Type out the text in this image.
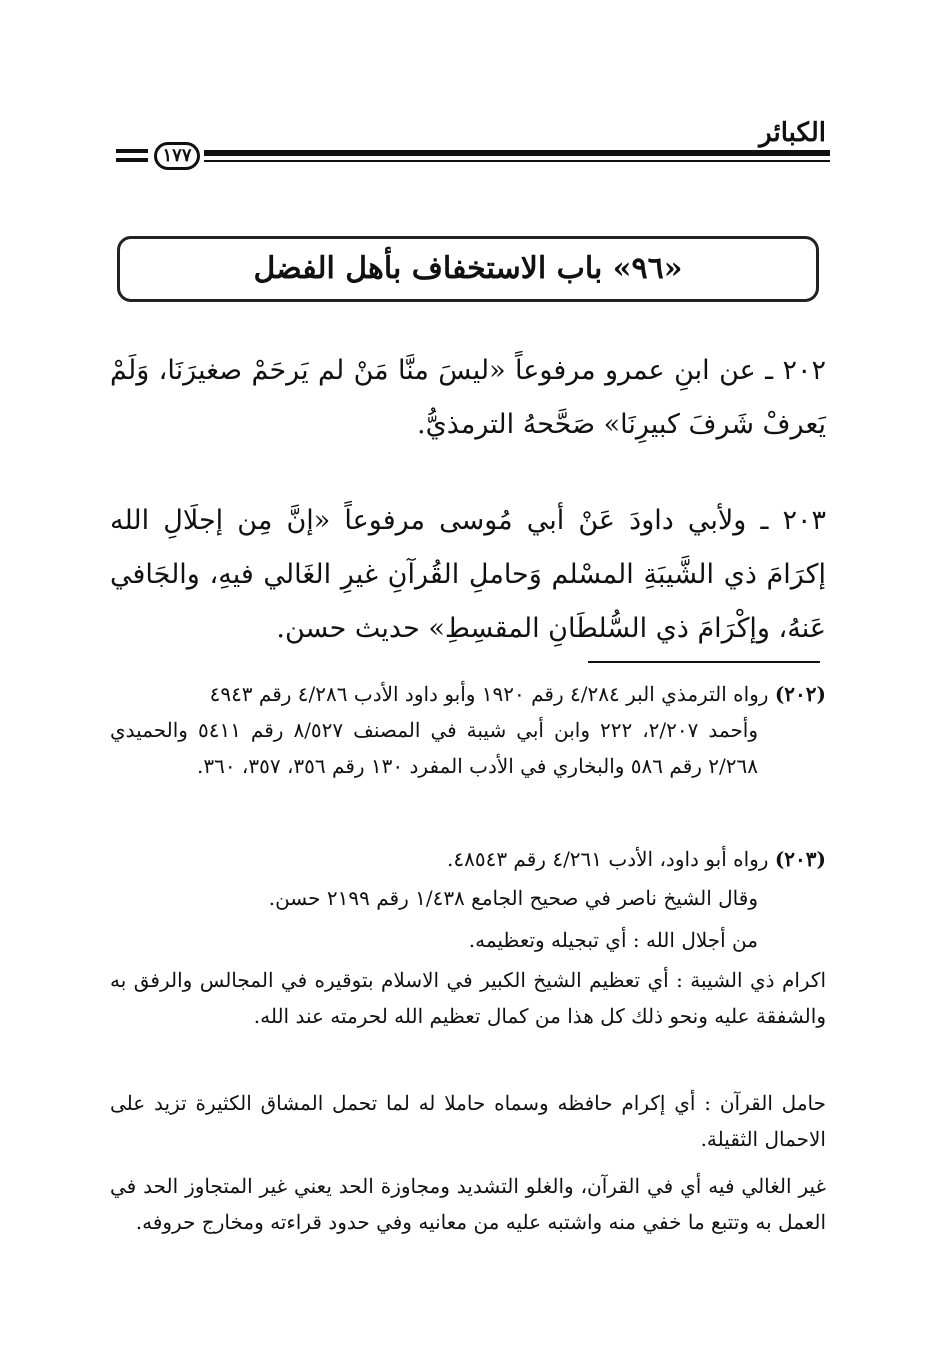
الكبائر
١٧٧
«٩٦» باب الاستخفاف بأهل الفضل
٢٠٢ ـ عن ابنِ عمرو مرفوعاً «ليسَ منَّا مَنْ لم يَرحَمْ صغيرَنَا، وَلَمْ يَعرفْ شَرفَ كبيرِنَا» صَحَّحهُ الترمذيُّ.
٢٠٣ ـ ولأبي داودَ عَنْ أبي مُوسى مرفوعاً «إنَّ مِن إجلَالِ الله إكرَامَ ذي الشَّيبَةِ المسْلم وَحاملِ القُرآنِ غيرِ الغَالي فيهِ، والجَافي عَنهُ، وإكْرَامَ ذي السُّلطَانِ المقسِطِ» حديث حسن.
(٢٠٢) رواه الترمذي البر ٤/٢٨٤ رقم ١٩٢٠ وأبو داود الأدب ٤/٢٨٦ رقم ٤٩٤٣
وأحمد ٢/٢٠٧، ٢٢٢ وابن أبي شيبة في المصنف ٨/٥٢٧ رقم ٥٤١١ والحميدي ٢/٢٦٨ رقم ٥٨٦ والبخاري في الأدب المفرد ١٣٠ رقم ٣٥٦، ٣٥٧، ٣٦٠.
(٢٠٣) رواه أبو داود، الأدب ٤/٢٦١ رقم ٤٨٥٤٣.
وقال الشيخ ناصر في صحيح الجامع ١/٤٣٨ رقم ٢١٩٩ حسن.
من أجلال الله : أي تبجيله وتعظيمه.
اكرام ذي الشيبة : أي تعظيم الشيخ الكبير في الاسلام بتوقيره في المجالس والرفق به والشفقة عليه ونحو ذلك كل هذا من كمال تعظيم الله لحرمته عند الله.
حامل القرآن : أي إكرام حافظه وسماه حاملا له لما تحمل المشاق الكثيرة تزيد على الاحمال الثقيلة.
غير الغالي فيه أي في القرآن، والغلو التشديد ومجاوزة الحد يعني غير المتجاوز الحد في العمل به وتتبع ما خفي منه واشتبه عليه من معانيه وفي حدود قراءته ومخارج حروفه.
